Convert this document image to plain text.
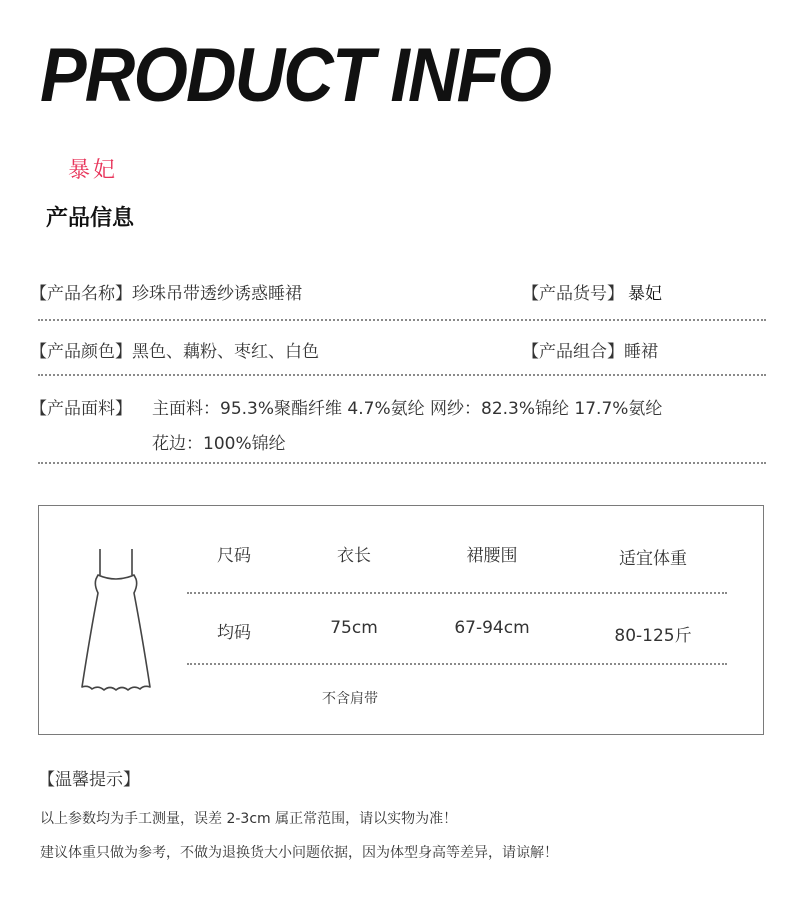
PRODUCT INFO
暴妃
产品信息
【产品名称】珍珠吊带透纱诱惑睡裙	【产品货号】 暴妃
【产品颜色】黑色、藕粉、枣红、白色	【产品组合】睡裙
【产品面料】 主面料：95.3%聚酯纤维 4.7%氨纶 网纱：82.3%锦纶 17.7%氨纶
花边：100%锦纶
尺码	衣长	裙腰围	适宜体重
均码	75cm	67-94cm	80-125斤
不含肩带
【温馨提示】
以上参数均为手工测量，误差 2-3cm 属正常范围，请以实物为准！
建议体重只做为参考，不做为退换货大小问题依据，因为体型身高等差异，请谅解！
